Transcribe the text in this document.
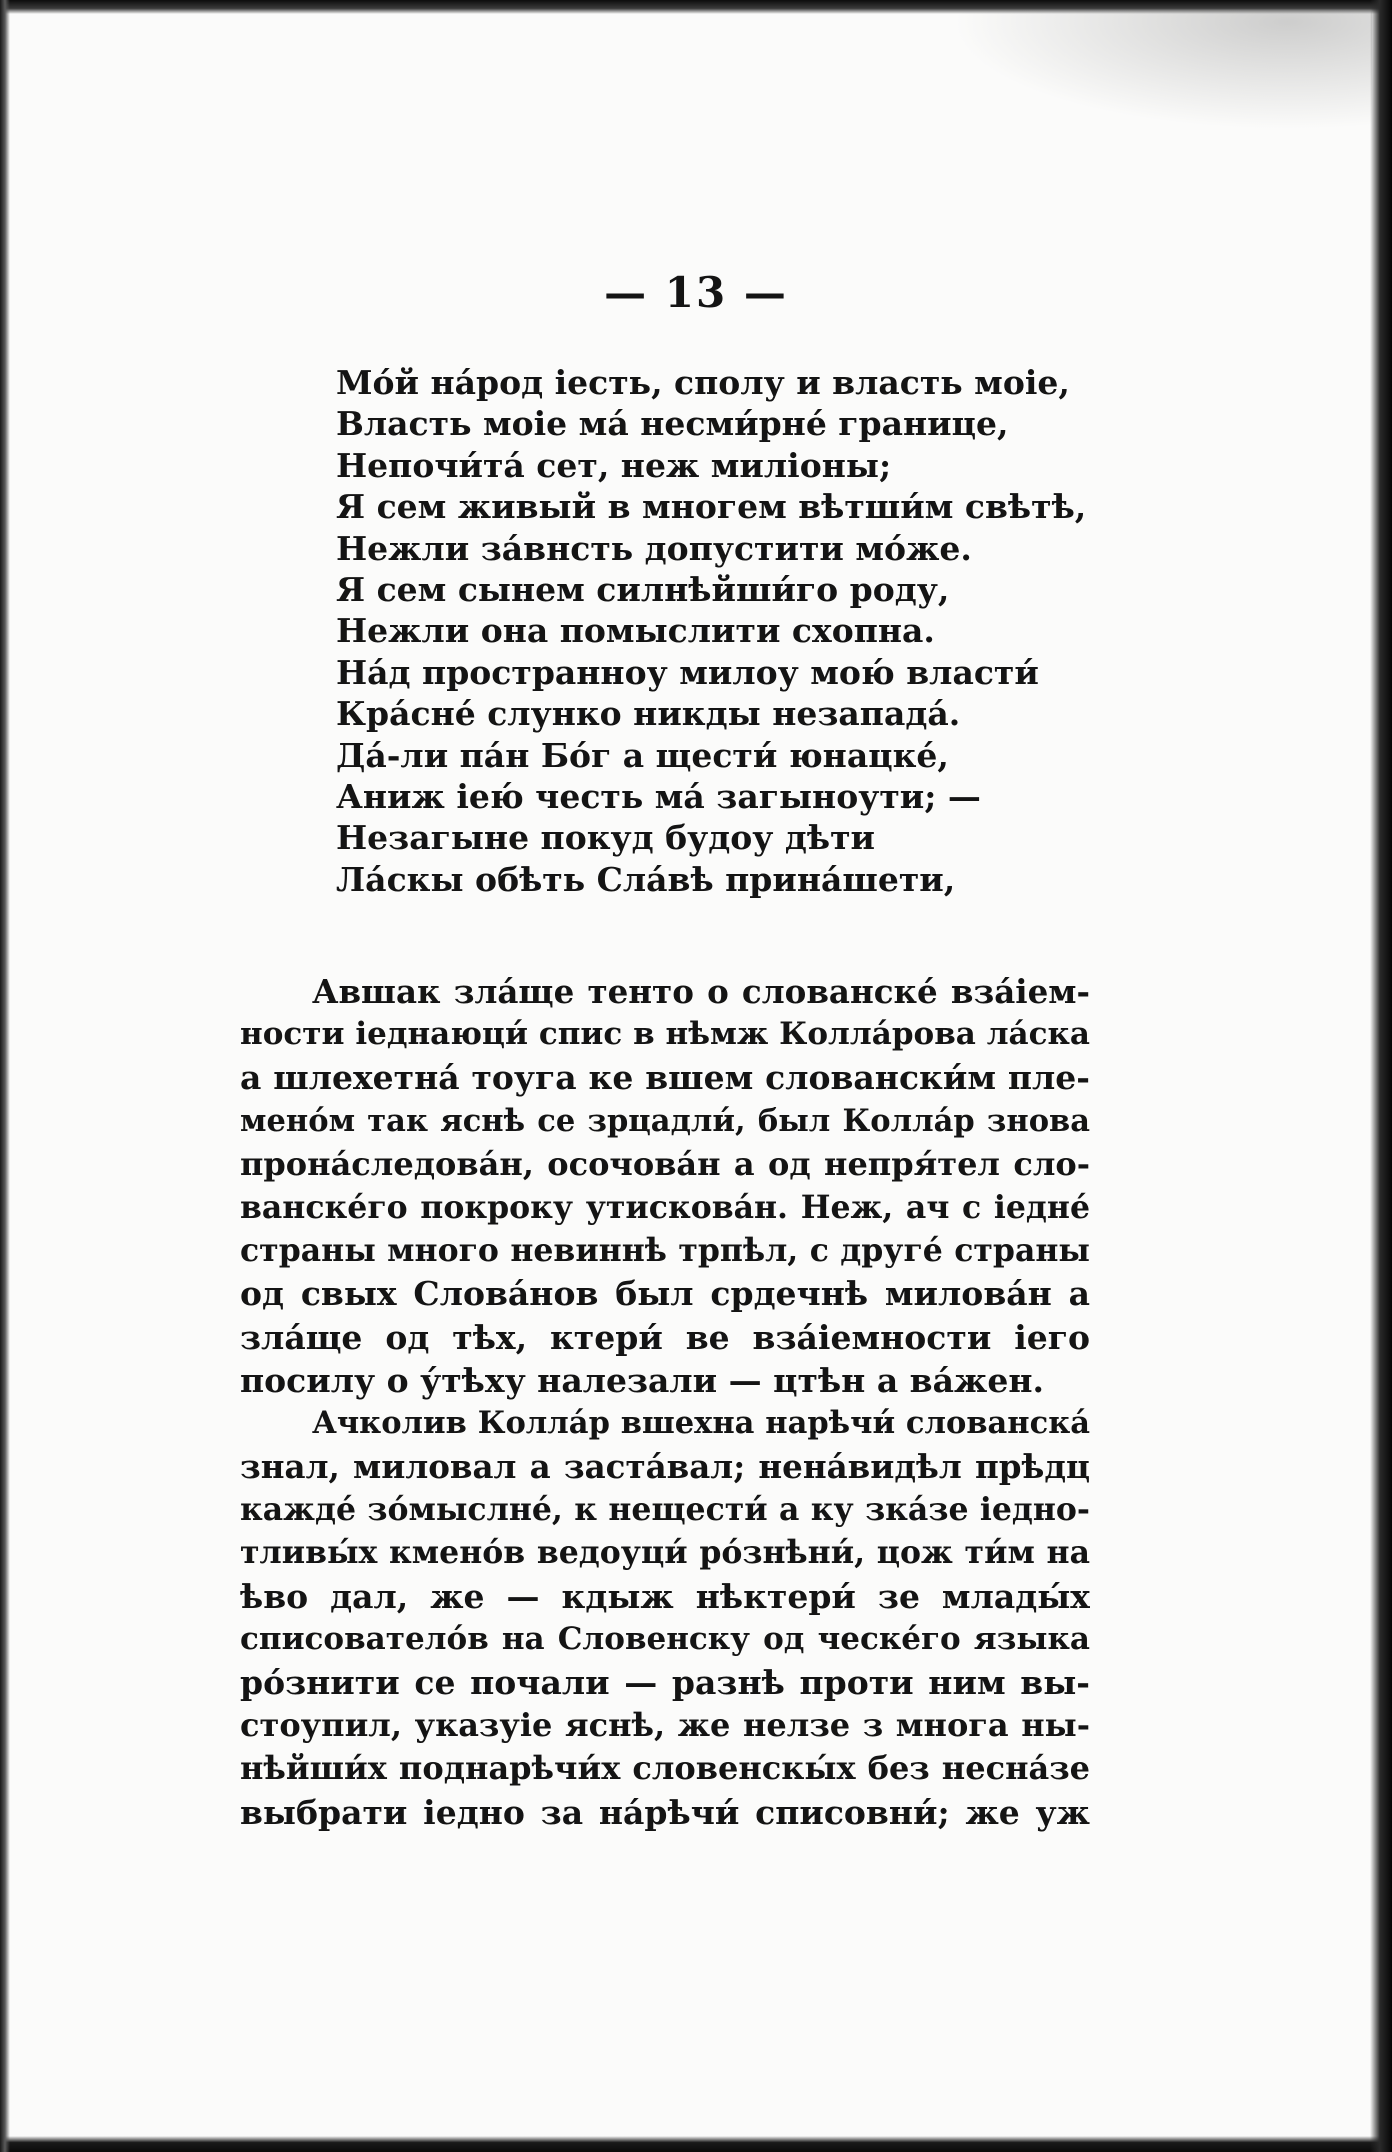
— 13 —
Мо́й на́род іесть, сполу и власть моіе,
Власть моіе ма́ несми́рне́ границе,
Непочи́та́ сет, неж миліоны;
Я сем живый в многем вѣтши́м свѣтѣ,
Нежли за́внсть допустити мо́же.
Я сем сынем силнѣйши́го роду,
Нежли она помыслити схопна.
На́д пространноу милоу мою́ власти́
Кра́сне́ слунко никды незапада́.
Да́-ли па́н Бо́г а щести́ юнацке́,
Аниж іею́ честь ма́ загыноути; —
Незагыне покуд будоу дѣти
Ла́скы обѣть Сла́вѣ прина́шети,
Авшак зла́ще тенто о слованске́ вза́іем-
ности іеднаюци́ спис в нѣмж Колла́рова ла́ска
а шлехетна́ тоуга ке вшем словански́м пле-
мено́м так яснѣ се зрцадли́, был Колла́р знова
прона́следова́н, осочова́н а од непря́тел сло-
ванске́го покроку утискова́н. Неж, ач с іедне́
страны много невиннѣ трпѣл, с друге́ страны
од свых Слова́нов был срдечнѣ милова́н а
зла́ще од тѣх, ктери́ ве вза́іемности іего
посилу о у́тѣху налезали — цтѣн а ва́жен.
Ачколив Колла́р вшехна нарѣчи́ слованска́
знал, миловал а заста́вал; нена́видѣл прѣдц
кажде́ зо́мыслне́, к нещести́ а ку зка́зе іедно-
тливы́х кмено́в ведоуци́ ро́знѣни́, цож ти́м на
ѣво дал, же — кдыж нѣктери́ зе млады́х
списователо́в на Словенску од ческе́го языка
ро́знити се почали — разнѣ проти ним вы-
стоупил, указуіе яснѣ, же нелзе з многа ны-
нѣйши́х поднарѣчи́х словенскы́х без несна́зе
выбрати іедно за на́рѣчи́ списовни́; же уж
